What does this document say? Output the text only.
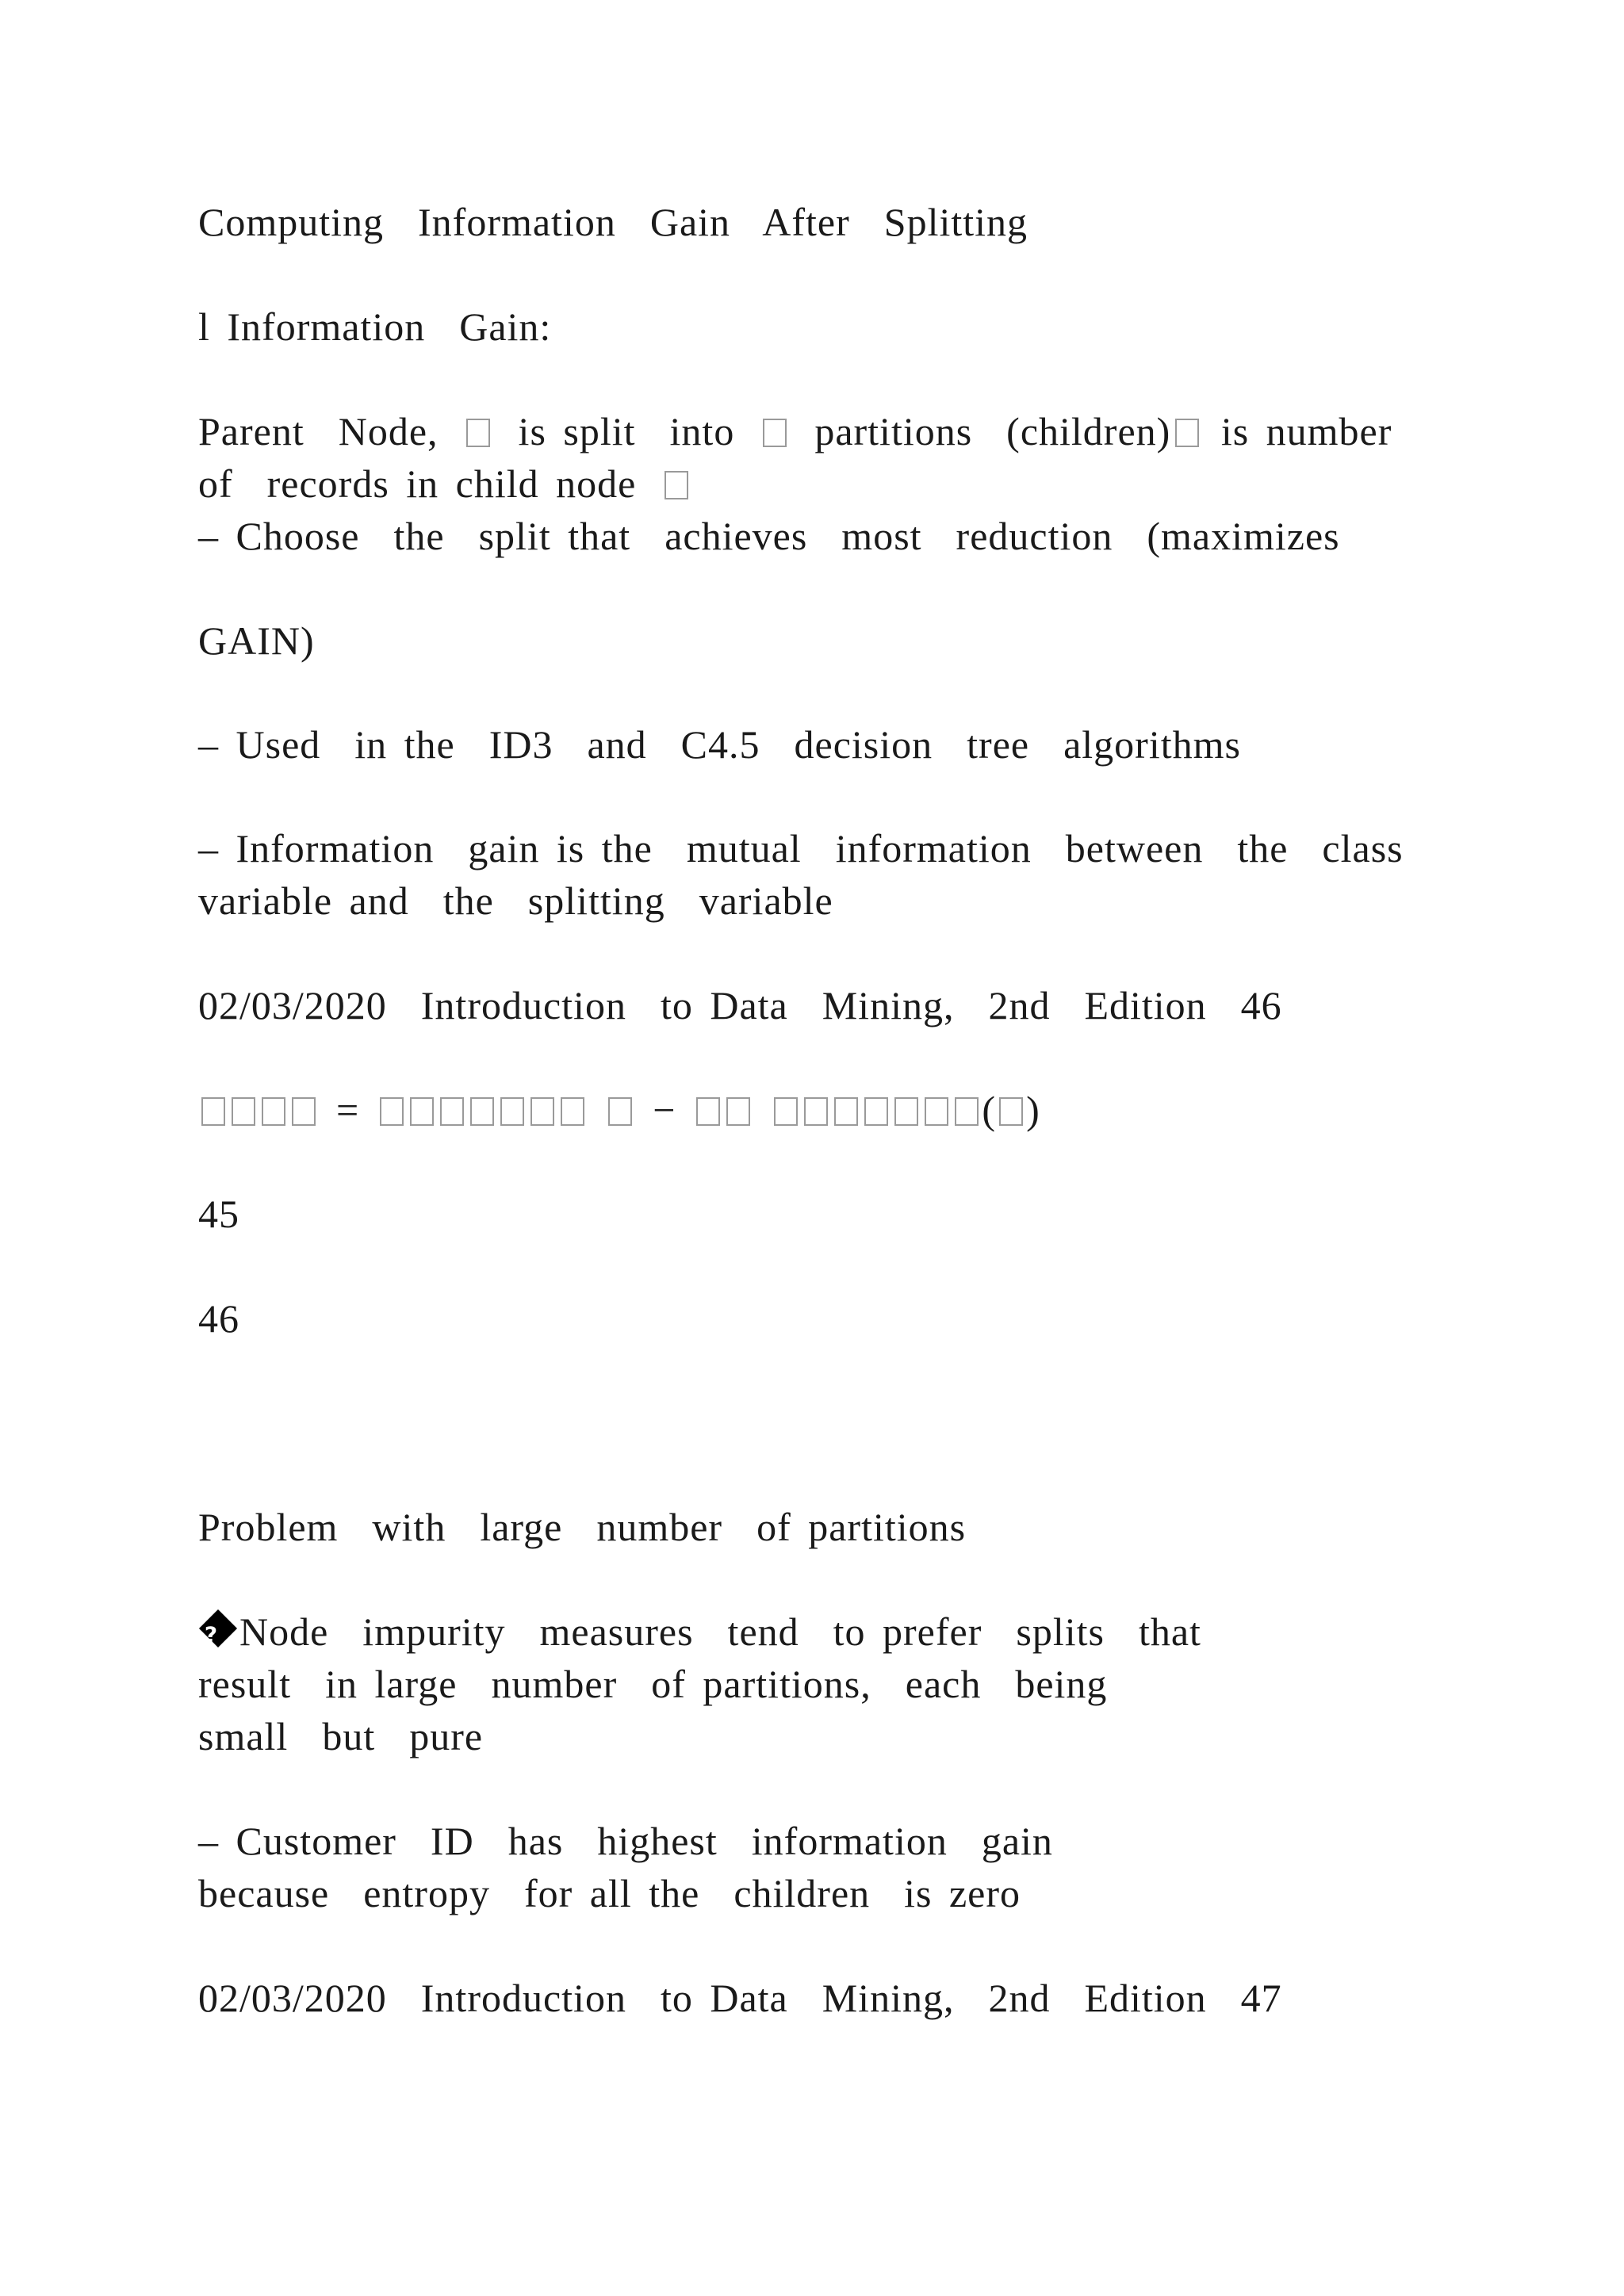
Computing  Information  Gain  After  Splitting
l Information  Gain:
Parent  Node,  is split  into  partitions  (children) is number
of  records in child node
– Choose  the  split that  achieves  most  reduction  (maximizes
GAIN)
– Used  in the  ID3  and  C4.5  decision  tree  algorithms
– Information  gain is the  mutual  information  between  the  class
variable and  the  splitting  variable
02/03/2020  Introduction  to Data  Mining,  2nd  Edition  46
=	−	( )
45
46
Problem  with  large  number  of partitions
?Node  impurity  measures  tend  to prefer  splits  that
result  in large  number  of partitions,  each  being
small  but  pure
– Customer  ID  has  highest  information  gain
because  entropy  for all the  children  is zero
02/03/2020  Introduction  to Data  Mining,  2nd  Edition  47
